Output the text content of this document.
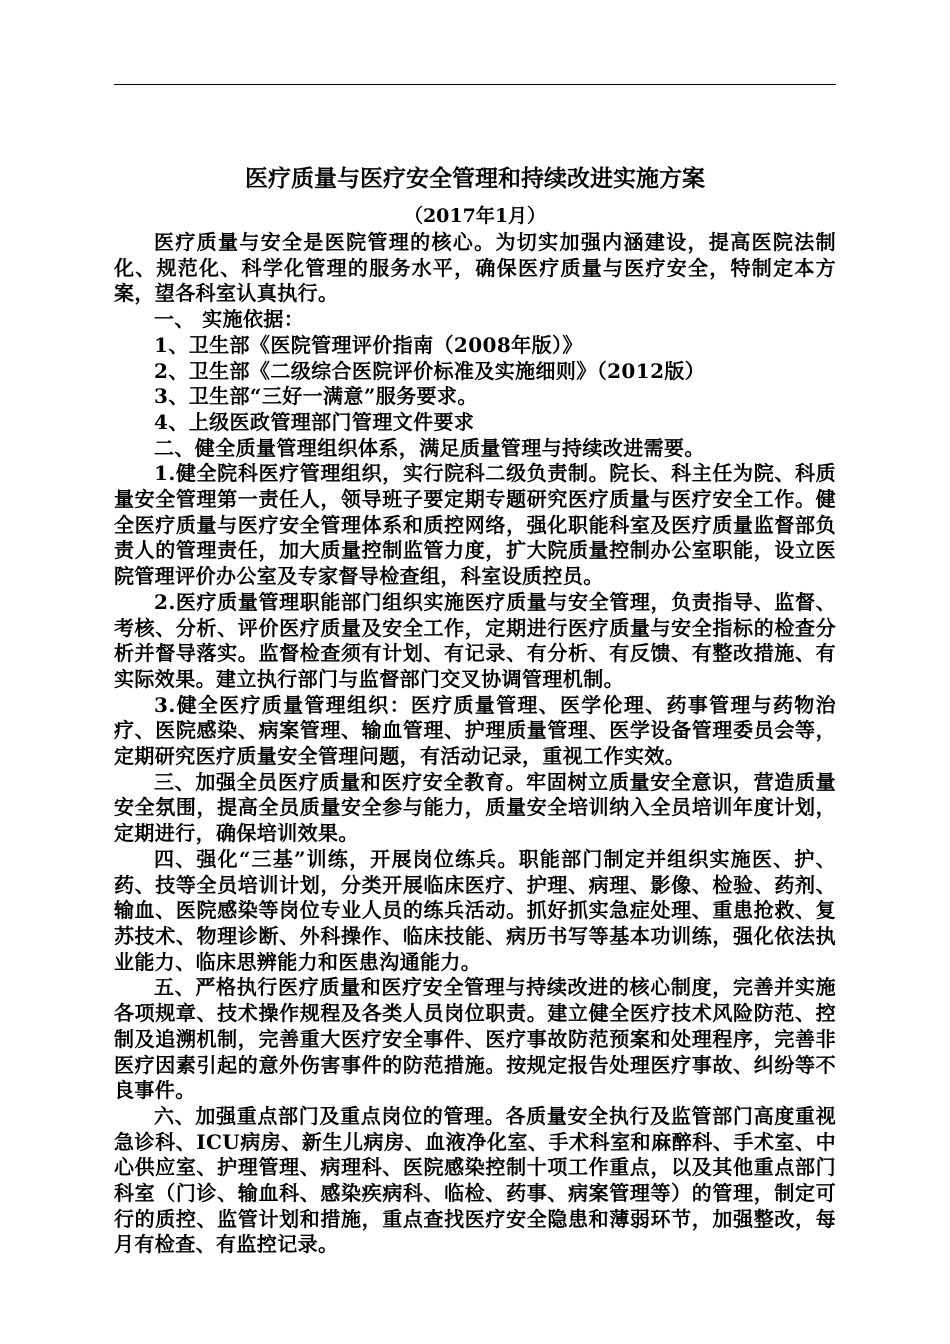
医疗质量与医疗安全管理和持续改进实施方案
（2017年1月）

医疗质量与安全是医院管理的核心。为切实加强内涵建设，提高医院法制化、规范化、科学化管理的服务水平，确保医疗质量与医疗安全，特制定本方案，望各科室认真执行。

一、 实施依据：

1、卫生部《医院管理评价指南（2008年版）》

2、卫生部《二级综合医院评价标准及实施细则》（2012版）

3、卫生部“三好一满意”服务要求。

4、上级医政管理部门管理文件要求

二、健全质量管理组织体系，满足质量管理与持续改进需要。

1.健全院科医疗管理组织，实行院科二级负责制。院长、科主任为院、科质量安全管理第一责任人，领导班子要定期专题研究医疗质量与医疗安全工作。健全医疗质量与医疗安全管理体系和质控网络，强化职能科室及医疗质量监督部负责人的管理责任，加大质量控制监管力度，扩大院质量控制办公室职能，设立医院管理评价办公室及专家督导检查组，科室设质控员。

2.医疗质量管理职能部门组织实施医疗质量与安全管理，负责指导、监督、考核、分析、评价医疗质量及安全工作，定期进行医疗质量与安全指标的检查分析并督导落实。监督检查须有计划、有记录、有分析、有反馈、有整改措施、有实际效果。建立执行部门与监督部门交叉协调管理机制。

3.健全医疗质量管理组织：医疗质量管理、医学伦理、药事管理与药物治疗、医院感染、病案管理、输血管理、护理质量管理、医学设备管理委员会等，定期研究医疗质量安全管理问题，有活动记录，重视工作实效。

三、加强全员医疗质量和医疗安全教育。牢固树立质量安全意识，营造质量安全氛围，提高全员质量安全参与能力，质量安全培训纳入全员培训年度计划，定期进行，确保培训效果。

四、强化“三基”训练，开展岗位练兵。职能部门制定并组织实施医、护、药、技等全员培训计划，分类开展临床医疗、护理、病理、影像、检验、药剂、输血、医院感染等岗位专业人员的练兵活动。抓好抓实急症处理、重患抢救、复苏技术、物理诊断、外科操作、临床技能、病历书写等基本功训练，强化依法执业能力、临床思辨能力和医患沟通能力。

五、严格执行医疗质量和医疗安全管理与持续改进的核心制度，完善并实施各项规章、技术操作规程及各类人员岗位职责。建立健全医疗技术风险防范、控制及追溯机制，完善重大医疗安全事件、医疗事故防范预案和处理程序，完善非医疗因素引起的意外伤害事件的防范措施。按规定报告处理医疗事故、纠纷等不良事件。

六、加强重点部门及重点岗位的管理。各质量安全执行及监管部门高度重视急诊科、ICU病房、新生儿病房、血液净化室、手术科室和麻醉科、手术室、中心供应室、护理管理、病理科、医院感染控制十项工作重点，以及其他重点部门科室（门诊、输血科、感染疾病科、临检、药事、病案管理等）的管理，制定可行的质控、监管计划和措施，重点查找医疗安全隐患和薄弱环节，加强整改，每月有检查、有监控记录。
